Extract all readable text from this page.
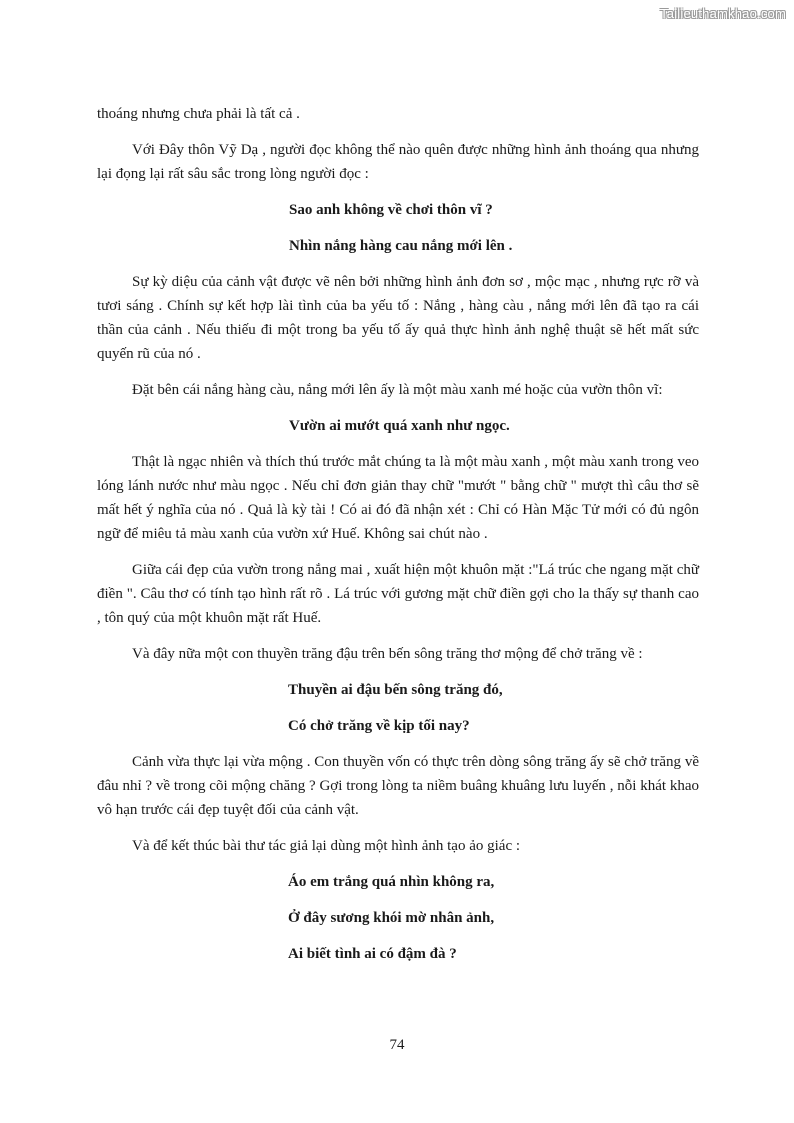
Tailieuthamkhao.com

thoáng nhưng chưa phải là tất cả .

Với Đây thôn Vỹ Dạ , người đọc không thể nào quên được những hình ảnh thoáng qua nhưng lại đọng lại rất sâu sắc trong lòng người đọc :

Sao anh không về chơi thôn vĩ ?

Nhìn nắng hàng cau nắng mới lên .

Sự kỳ diệu của cảnh vật được vẽ nên bởi những hình ảnh đơn sơ , mộc mạc , nhưng rực rỡ và tươi sáng . Chính sự kết hợp lài tình của ba yếu tố : Nắng , hàng càu , nắng mới lên đã tạo ra cái thần của cảnh . Nếu thiếu đi một trong ba yếu tố ấy quả thực hình ảnh nghệ thuật sẽ hết mất sức quyến rũ của nó .

Đặt bên cái nắng hàng càu, nắng mới lên ấy là một màu xanh mé hoặc của vườn thôn vĩ:

Vườn ai mướt quá xanh như ngọc.

Thật là ngạc nhiên và thích thú trước mắt chúng ta là một màu xanh , một màu xanh trong veo lóng lánh nước như màu ngọc . Nếu chỉ đơn giản thay chữ "mướt " bằng chữ " mượt thì câu thơ sẽ mất hết ý nghĩa của nó . Quả là kỳ tài ! Có ai đó đã nhận xét : Chỉ có Hàn Mặc Tử mới có đủ ngôn ngữ để miêu tả màu xanh của vườn xứ Huế. Không sai chút nào .

Giữa cái đẹp của vườn trong nắng mai , xuất hiện một khuôn mặt :"Lá trúc che ngang mặt chữ điền ". Câu thơ có tính tạo hình rất rõ . Lá trúc với gương mặt chữ điền gợi cho la thấy sự thanh cao , tôn quý của một khuôn mặt rất Huế.

Và đây nữa một con thuyền trăng đậu trên bến sông trăng thơ mộng để chở trăng về :

Thuyền ai đậu bến sông trăng đó,

Có chở trăng về kịp tối nay?

Cảnh vừa thực lại vừa mộng . Con thuyền vốn có thực trên dòng sông trăng ấy sẽ chở trăng về đâu nhỉ ? về trong cõi mộng chăng ? Gợi trong lòng ta niềm buâng khuâng lưu luyến , nỗi khát khao vô hạn trước cái đẹp tuyệt đối của cảnh vật.

Và để kết thúc bài thư tác giả lại dùng một hình ảnh tạo ảo giác :

Áo em trắng quá nhìn không ra,

Ở đây sương khói mờ nhân ảnh,

Ai biết tình ai có đậm đà ?

74
